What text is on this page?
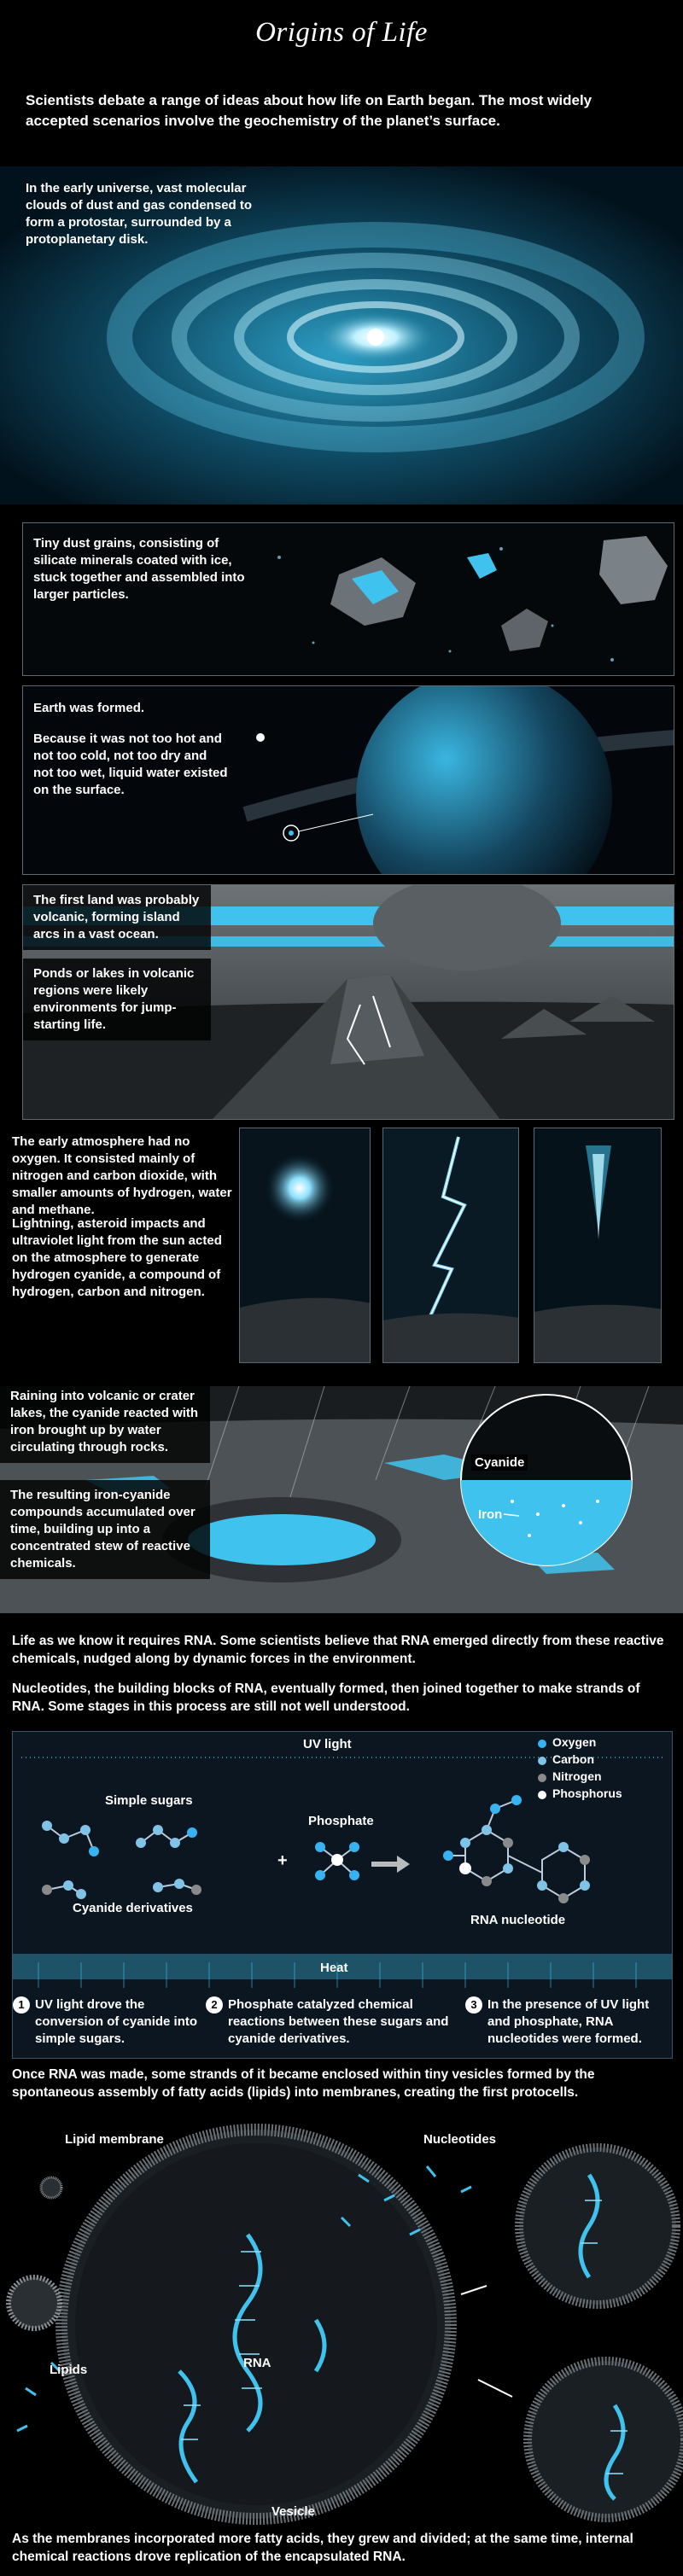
Origins of Life
Scientists debate a range of ideas about how life on Earth began. The most widely accepted scenarios involve the geochemistry of the planet’s surface.
In the early universe, vast molecular clouds of dust and gas condensed to form a protostar, surrounded by a protoplanetary disk.
Tiny dust grains, consisting of silicate minerals coated with ice, stuck together and assembled into larger particles.
Earth was formed.
Because it was not too hot and not too cold, not too dry and not too wet, liquid water existed on the surface.
The first land was probably volcanic, forming island arcs in a vast ocean.
Ponds or lakes in volcanic regions were likely environments for jump-starting life.
The early atmosphere had no oxygen. It consisted mainly of nitrogen and carbon dioxide, with smaller amounts of hydrogen, water and methane.
Lightning, asteroid impacts and ultraviolet light from the sun acted on the atmosphere to generate hydrogen cyanide, a compound of hydrogen, carbon and nitrogen.
Cyanide
Iron
Raining into volcanic or crater lakes, the cyanide reacted with iron brought up by water circulating through rocks.
The resulting iron-cyanide compounds accumulated over time, building up into a concentrated stew of reactive chemicals.
Life as we know it requires RNA. Some scientists believe that RNA emerged directly from these reactive chemicals, nudged along by dynamic forces in the environment.
Nucleotides, the building blocks of RNA, eventually formed, then joined together to make strands of RNA. Some stages in this process are still not well understood.
UV light	Oxygen
Carbon
Nitrogen
Phosphorus
Simple sugars
Phosphate
+
Cyanide derivatives
RNA nucleotide
Heat
1 UV light drove the conversion of cyanide into simple sugars.
2 Phosphate catalyzed chemical reactions between these sugars and cyanide derivatives.
3 In the presence of UV light and phosphate, RNA nucleotides were formed.
Once RNA was made, some strands of it became enclosed within tiny vesicles formed by the spontaneous assembly of fatty acids (lipids) into membranes, creating the first protocells.
Lipid membrane	Nucleotides
Lipids	RNA
Vesicle
As the membranes incorporated more fatty acids, they grew and divided; at the same time, internal chemical reactions drove replication of the encapsulated RNA.
